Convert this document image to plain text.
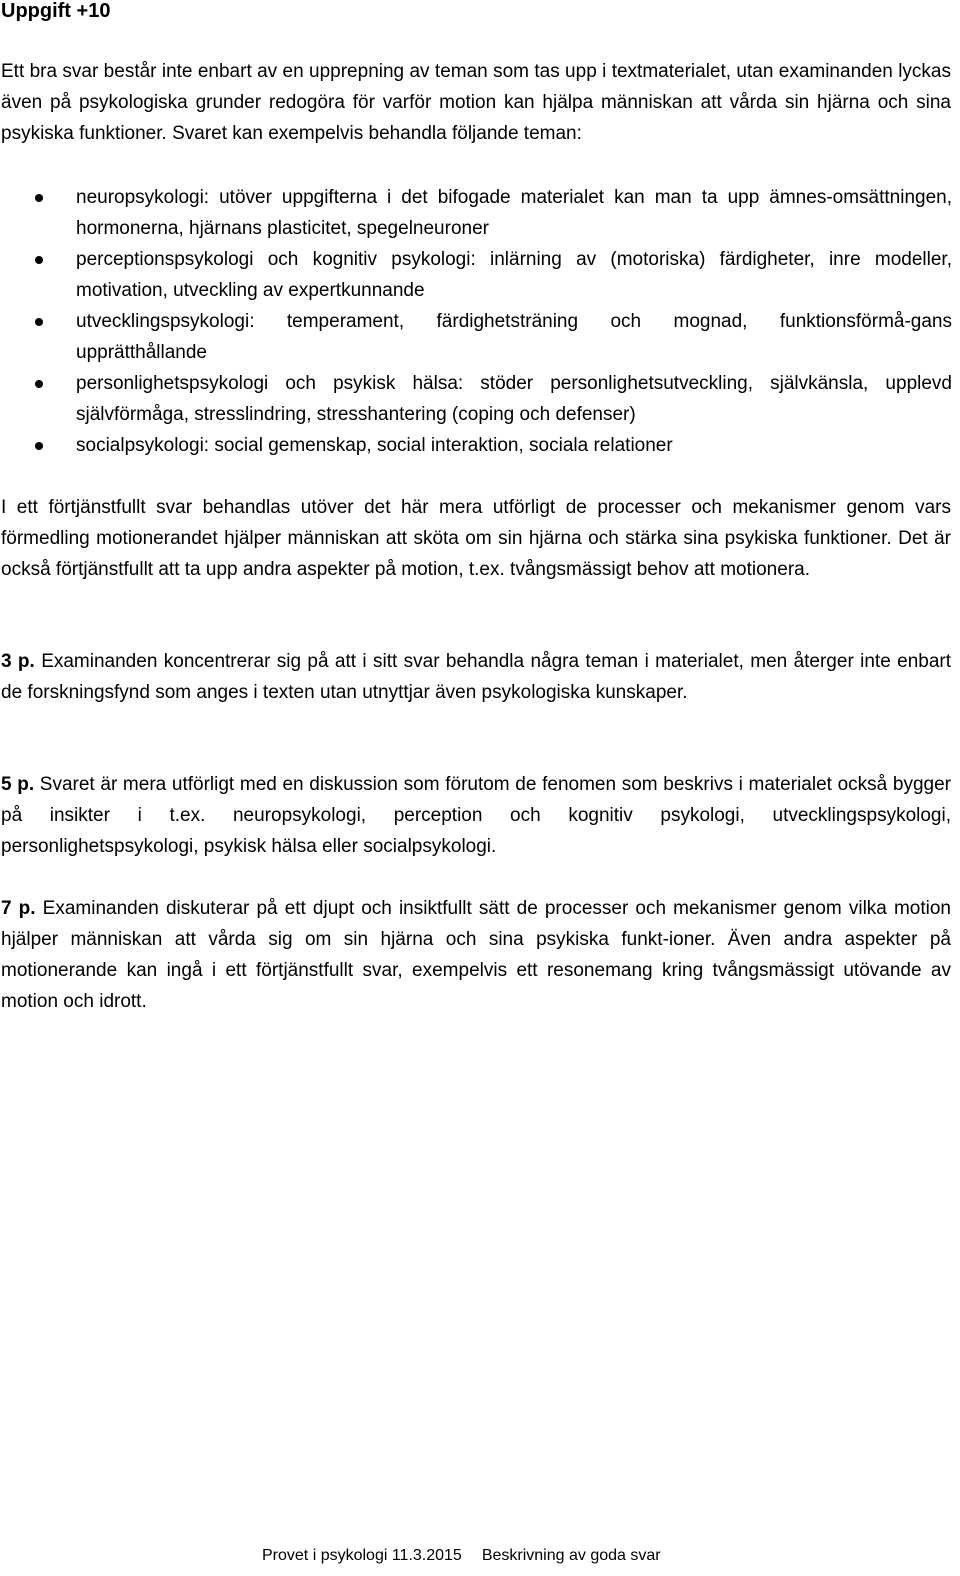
Uppgift +10

Ett bra svar består inte enbart av en upprepning av teman som tas upp i textmaterialet, utan examinanden lyckas även på psykologiska grunder redogöra för varför motion kan hjälpa människan att vårda sin hjärna och sina psykiska funktioner. Svaret kan exempelvis behandla följande teman:

neuropsykologi: utöver uppgifterna i det bifogade materialet kan man ta upp ämnes-omsättningen, hormonerna, hjärnans plasticitet, spegelneuroner
perceptionspsykologi och kognitiv psykologi: inlärning av (motoriska) färdigheter, inre modeller, motivation, utveckling av expertkunnande
utvecklingspsykologi: temperament, färdighetsträning och mognad, funktionsförmå-gans upprätthållande
personlighetspsykologi och psykisk hälsa: stöder personlighetsutveckling, självkänsla, upplevd självförmåga, stresslindring, stresshantering (coping och defenser)
socialpsykologi: social gemenskap, social interaktion, sociala relationer

I ett förtjänstfullt svar behandlas utöver det här mera utförligt de processer och mekanismer genom vars förmedling motionerandet hjälper människan att sköta om sin hjärna och stärka sina psykiska funktioner. Det är också förtjänstfullt att ta upp andra aspekter på motion, t.ex. tvångsmässigt behov att motionera.

3 p. Examinanden koncentrerar sig på att i sitt svar behandla några teman i materialet, men återger inte enbart de forskningsfynd som anges i texten utan utnyttjar även psykologiska kunskaper.

5 p. Svaret är mera utförligt med en diskussion som förutom de fenomen som beskrivs i materialet också bygger på insikter i t.ex. neuropsykologi, perception och kognitiv psykologi, utvecklingspsykologi, personlighetspsykologi, psykisk hälsa eller socialpsykologi.

7 p. Examinanden diskuterar på ett djupt och insiktfullt sätt de processer och mekanismer genom vilka motion hjälper människan att vårda sig om sin hjärna och sina psykiska funkt-ioner. Även andra aspekter på motionerande kan ingå i ett förtjänstfullt svar, exempelvis ett resonemang kring tvångsmässigt utövande av motion och idrott.

Provet i psykologi 11.3.2015 Beskrivning av goda svar
